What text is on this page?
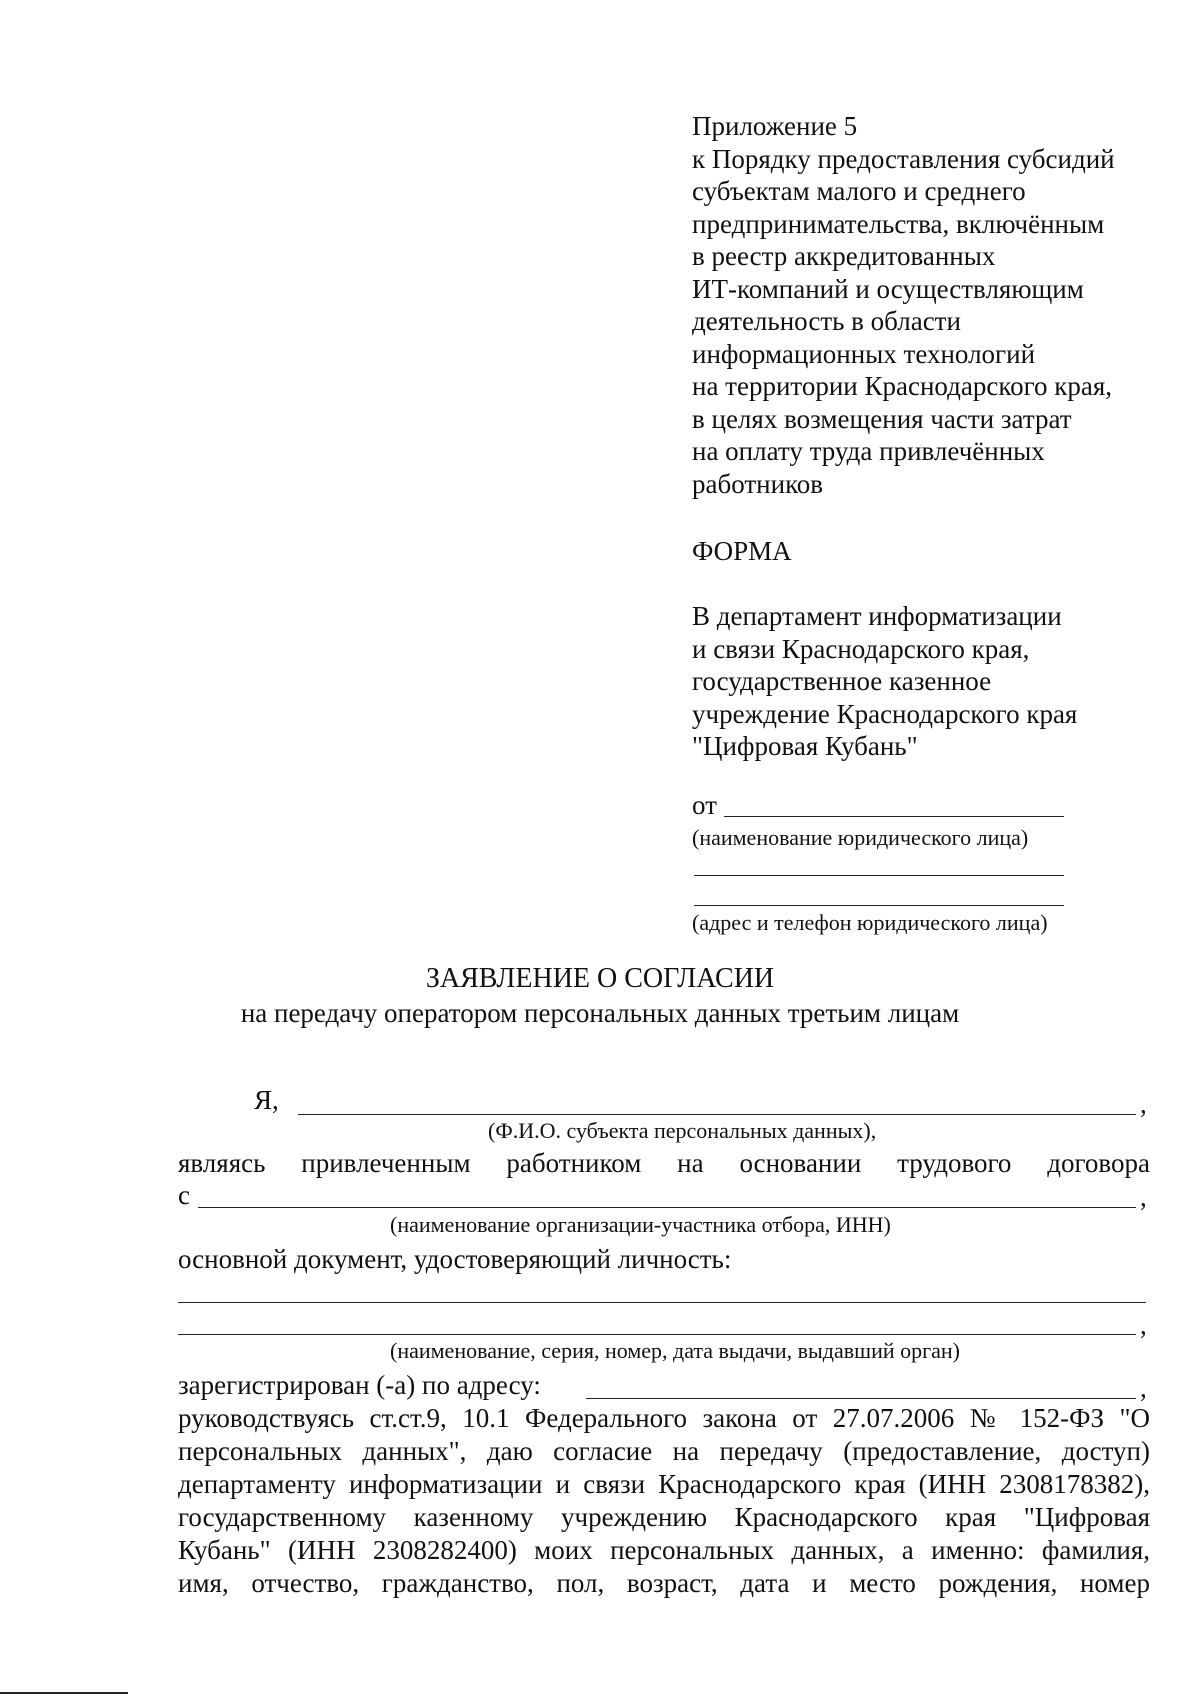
Приложение 5
к Порядку предоставления субсидий
субъектам малого и среднего
предпринимательства, включённым
в реестр аккредитованных
ИТ-компаний и осуществляющим
деятельность в области
информационных технологий
на территории Краснодарского края,
в целях возмещения части затрат
на оплату труда привлечённых
работников
ФОРМА
В департамент информатизации
и связи Краснодарского края,
государственное казенное
учреждение Краснодарского края
"Цифровая Кубань"
от
(наименование юридического лица)
(адрес и телефон юридического лица)
ЗАЯВЛЕНИЕ О СОГЛАСИИ
на передачу оператором персональных данных третьим лицам
Я,	,
(Ф.И.О. субъекта персональных данных),
являясь привлеченным работником на основании трудового договора
с	,
(наименование организации-участника отбора, ИНН)
основной документ, удостоверяющий личность:
,
(наименование, серия, номер, дата выдачи, выдавший орган)
зарегистрирован (-а) по адресу:	,
руководствуясь ст.ст.9, 10.1 Федерального закона от 27.07.2006 № 152-ФЗ "О
персональных данных", даю согласие на передачу (предоставление, доступ)
департаменту информатизации и связи Краснодарского края (ИНН 2308178382),
государственному казенному учреждению Краснодарского края "Цифровая
Кубань" (ИНН 2308282400) моих персональных данных, а именно: фамилия,
имя, отчество, гражданство, пол, возраст, дата и место рождения, номер
